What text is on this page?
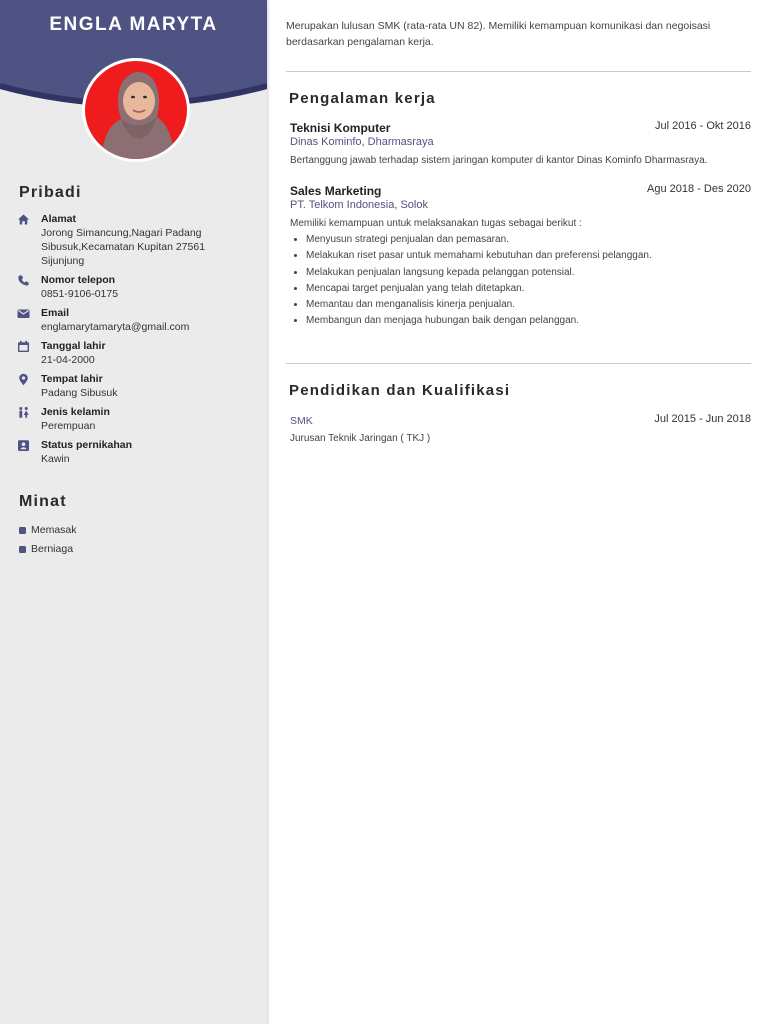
ENGLA MARYTA
Pribadi
Alamat
Jorong Simancung,Nagari Padang Sibusuk,Kecamatan Kupitan 27561 Sijunjung
Nomor telepon
0851-9106-0175
Email
englamarytamaryta@gmail.com
Tanggal lahir
21-04-2000
Tempat lahir
Padang Sibusuk
Jenis kelamin
Perempuan
Status pernikahan
Kawin
Minat
Memasak
Berniaga
Merupakan lulusan SMK (rata-rata UN 82). Memiliki kemampuan komunikasi dan negoisasi berdasarkan pengalaman kerja.
Pengalaman kerja
Teknisi Komputer	Jul 2016 - Okt 2016
Dinas Kominfo, Dharmasraya
Bertanggung jawab terhadap sistem jaringan komputer di kantor Dinas Kominfo Dharmasraya.
Sales Marketing	Agu 2018 - Des 2020
PT. Telkom Indonesia, Solok
Memiliki kemampuan untuk melaksanakan tugas sebagai berikut :
• Menyusun strategi penjualan dan pemasaran.
• Melakukan riset pasar untuk memahami kebutuhan dan preferensi pelanggan.
• Melakukan penjualan langsung kepada pelanggan potensial.
• Mencapai target penjualan yang telah ditetapkan.
• Memantau dan menganalisis kinerja penjualan.
• Membangun dan menjaga hubungan baik dengan pelanggan.
Pendidikan dan Kualifikasi
SMK	Jul 2015 - Jun 2018
Jurusan Teknik Jaringan ( TKJ )
